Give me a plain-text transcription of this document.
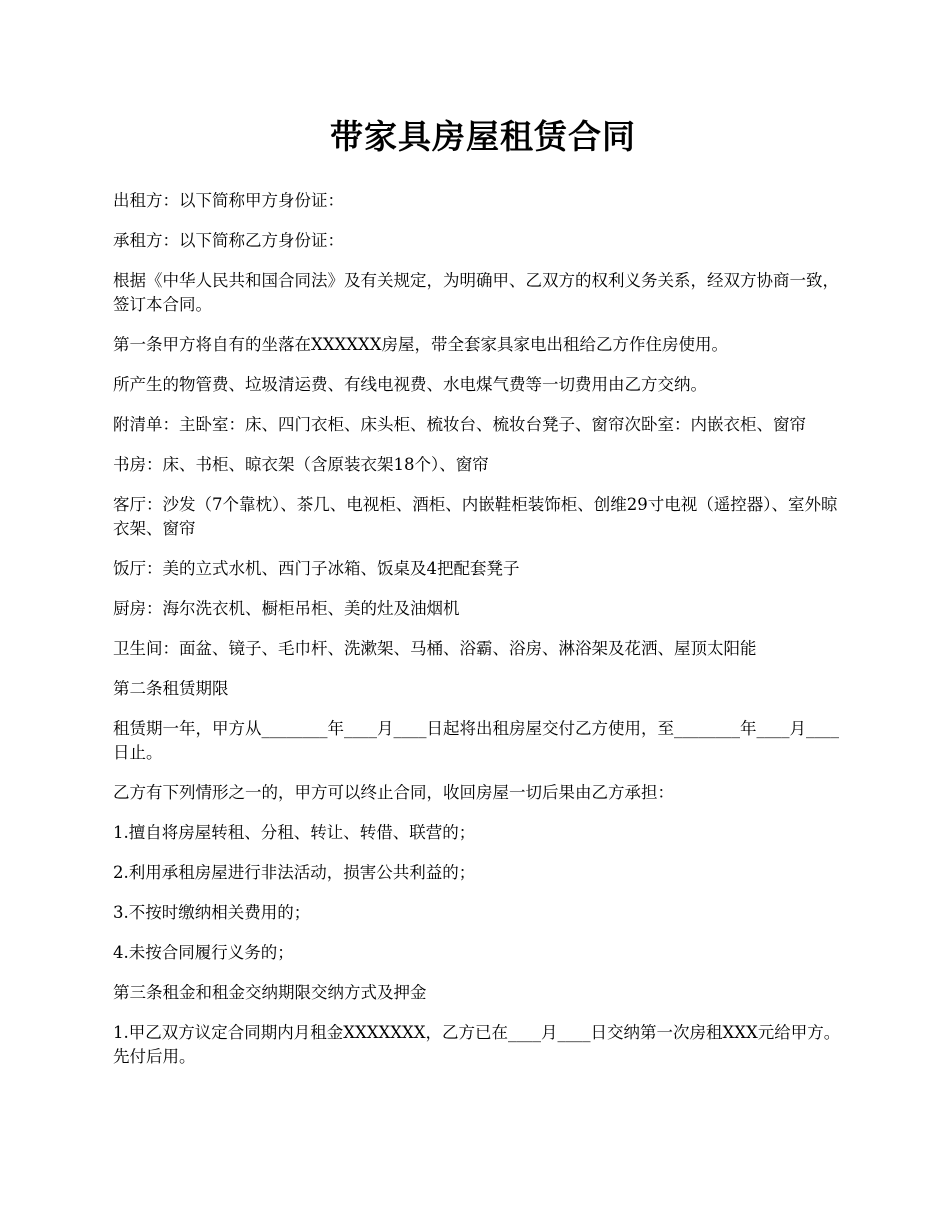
带家具房屋租赁合同

出租方：以下简称甲方身份证：

承租方：以下简称乙方身份证：

根据《中华人民共和国合同法》及有关规定，为明确甲、乙双方的权利义务关系，经双方协商一致，签订本合同。

第一条甲方将自有的坐落在XXXXXX房屋，带全套家具家电出租给乙方作住房使用。

所产生的物管费、垃圾清运费、有线电视费、水电煤气费等一切费用由乙方交纳。

附清单：主卧室：床、四门衣柜、床头柜、梳妆台、梳妆台凳子、窗帘次卧室：内嵌衣柜、窗帘

书房：床、书柜、晾衣架（含原装衣架18个）、窗帘

客厅：沙发（7个靠枕）、茶几、电视柜、酒柜、内嵌鞋柜装饰柜、创维29寸电视（遥控器）、室外晾衣架、窗帘

饭厅：美的立式水机、西门子冰箱、饭桌及4把配套凳子

厨房：海尔洗衣机、橱柜吊柜、美的灶及油烟机

卫生间：面盆、镜子、毛巾杆、洗漱架、马桶、浴霸、浴房、淋浴架及花洒、屋顶太阳能

第二条租赁期限

租赁期一年，甲方从________年____月____日起将出租房屋交付乙方使用，至________年____月____日止。

乙方有下列情形之一的，甲方可以终止合同，收回房屋一切后果由乙方承担：

1.擅自将房屋转租、分租、转让、转借、联营的；

2.利用承租房屋进行非法活动，损害公共利益的；

3.不按时缴纳相关费用的；

4.未按合同履行义务的；

第三条租金和租金交纳期限交纳方式及押金

1.甲乙双方议定合同期内月租金XXXXXXX，乙方已在____月____日交纳第一次房租XXX元给甲方。先付后用。
